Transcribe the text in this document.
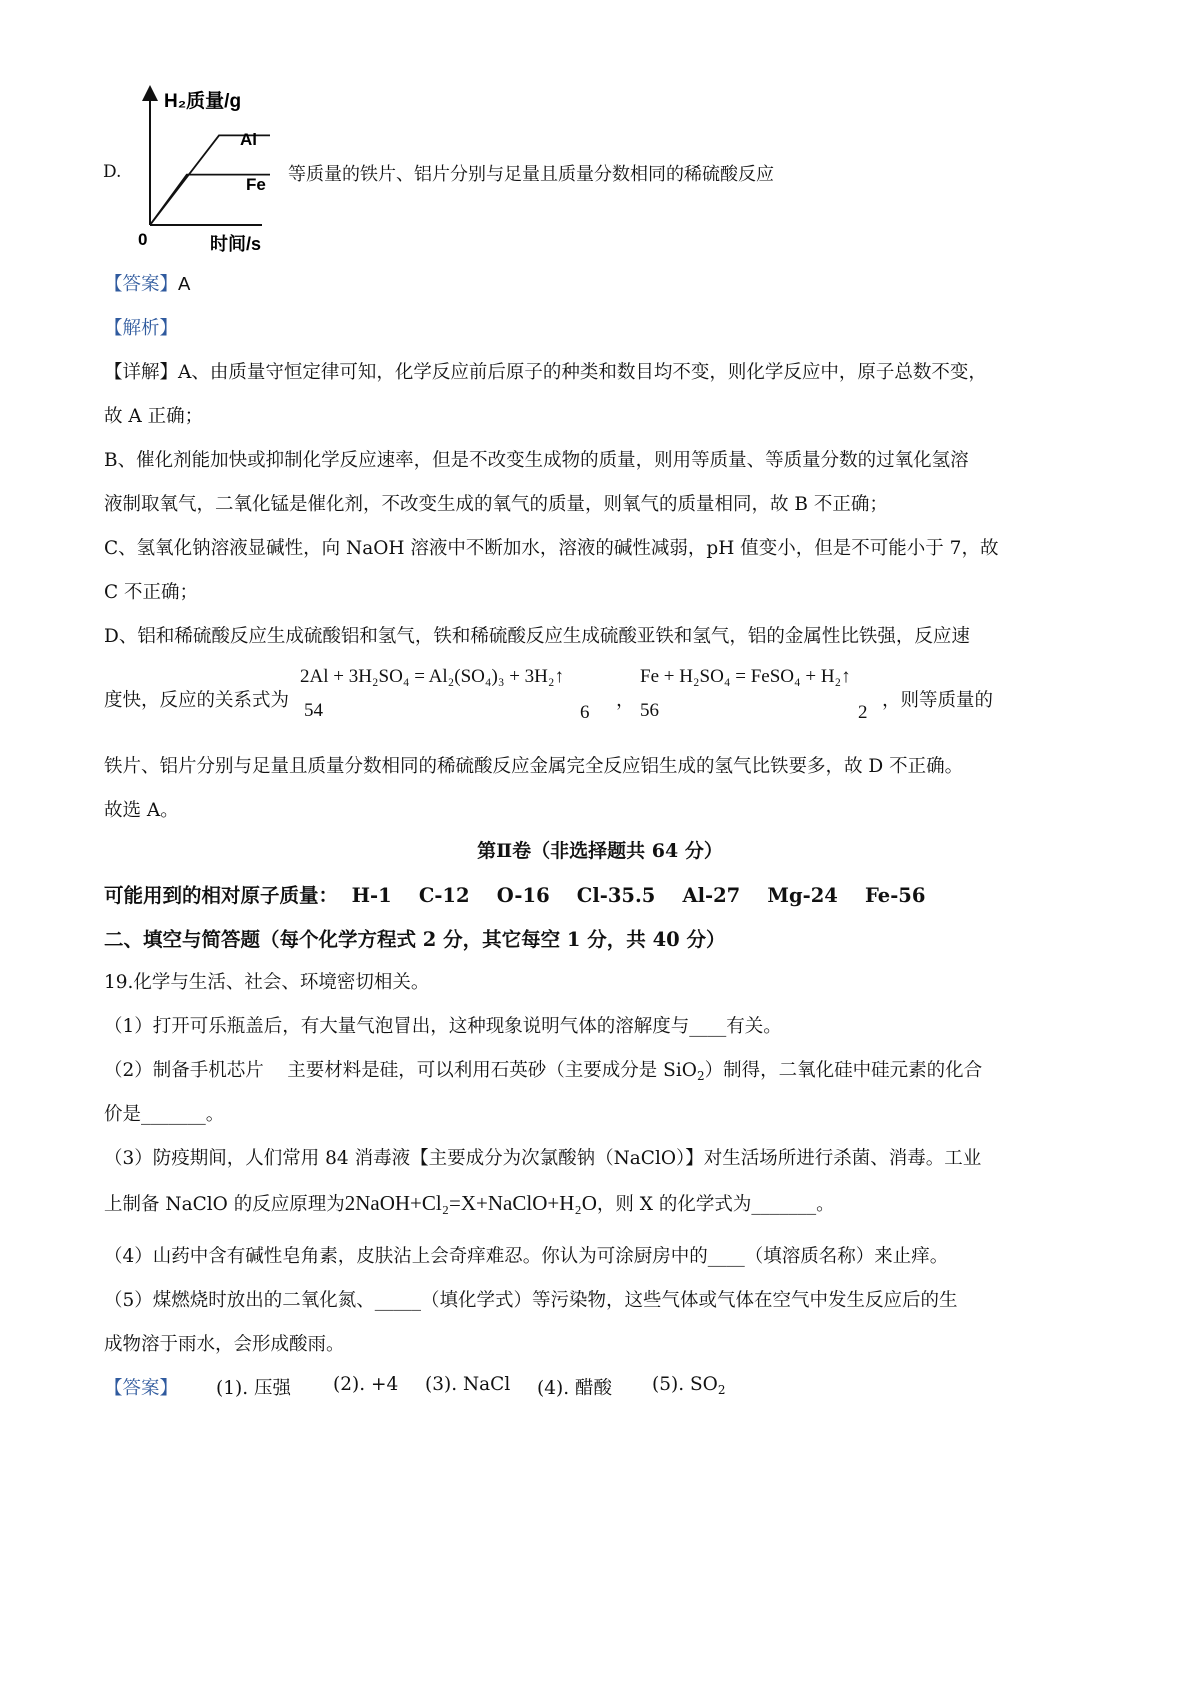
D.
H₂质量/g
Al
Fe
0	时间/s
等质量的铁片、铝片分别与足量且质量分数相同的稀硫酸反应
【答案】A
【解析】
【详解】A、由质量守恒定律可知，化学反应前后原子的种类和数目均不变，则化学反应中，原子总数不变，
故 A 正确；
B、催化剂能加快或抑制化学反应速率，但是不改变生成物的质量，则用等质量、等质量分数的过氧化氢溶
液制取氧气，二氧化锰是催化剂，不改变生成的氧气的质量，则氧气的质量相同，故 B 不正确；
C、氢氧化钠溶液显碱性，向 NaOH 溶液中不断加水，溶液的碱性减弱，pH 值变小，但是不可能小于 7，故
C 不正确；
D、铝和稀硫酸反应生成硫酸铝和氢气，铁和稀硫酸反应生成硫酸亚铁和氢气，铝的金属性比铁强，反应速
度快，反应的关系式为
2Al + 3H₂SO₄ = Al₂(SO₄)₃ + 3H₂↑
54	6
，
Fe + H₂SO₄ = FeSO₄ + H₂↑
56	2
，则等质量的
铁片、铝片分别与足量且质量分数相同的稀硫酸反应金属完全反应铝生成的氢气比铁要多，故 D 不正确。
故选 A。
第Ⅱ卷（非选择题共 64 分）
可能用到的相对原子质量：  H-1    C-12    O-16    Cl-35.5    Al-27    Mg-24    Fe-56
二、填空与简答题（每个化学方程式 2 分，其它每空 1 分，共 40 分）
19.化学与生活、社会、环境密切相关。
（1）打开可乐瓶盖后，有大量气泡冒出，这种现象说明气体的溶解度与____有关。
（2）制备手机芯片    主要材料是硅，可以利用石英砂（主要成分是 SiO$_2$）制得，二氧化硅中硅元素的化合
价是_______。
（3）防疫期间，人们常用 84 消毒液【主要成分为次氯酸钠（NaClO）】对生活场所进行杀菌、消毒。工业
上制备 NaClO 的反应原理为2NaOH+Cl₂=X+NaClO+H₂O，则 X 的化学式为_______。
（4）山药中含有碱性皂角素，皮肤沾上会奇痒难忍。你认为可涂厨房中的____（填溶质名称）来止痒。
（5）煤燃烧时放出的二氧化氮、_____（填化学式）等污染物，这些气体或气体在空气中发生反应后的生
成物溶于雨水，会形成酸雨。
【答案】 (1). 压强 (2). +4 (3). NaCl (4). 醋酸 (5). $SO_2$
